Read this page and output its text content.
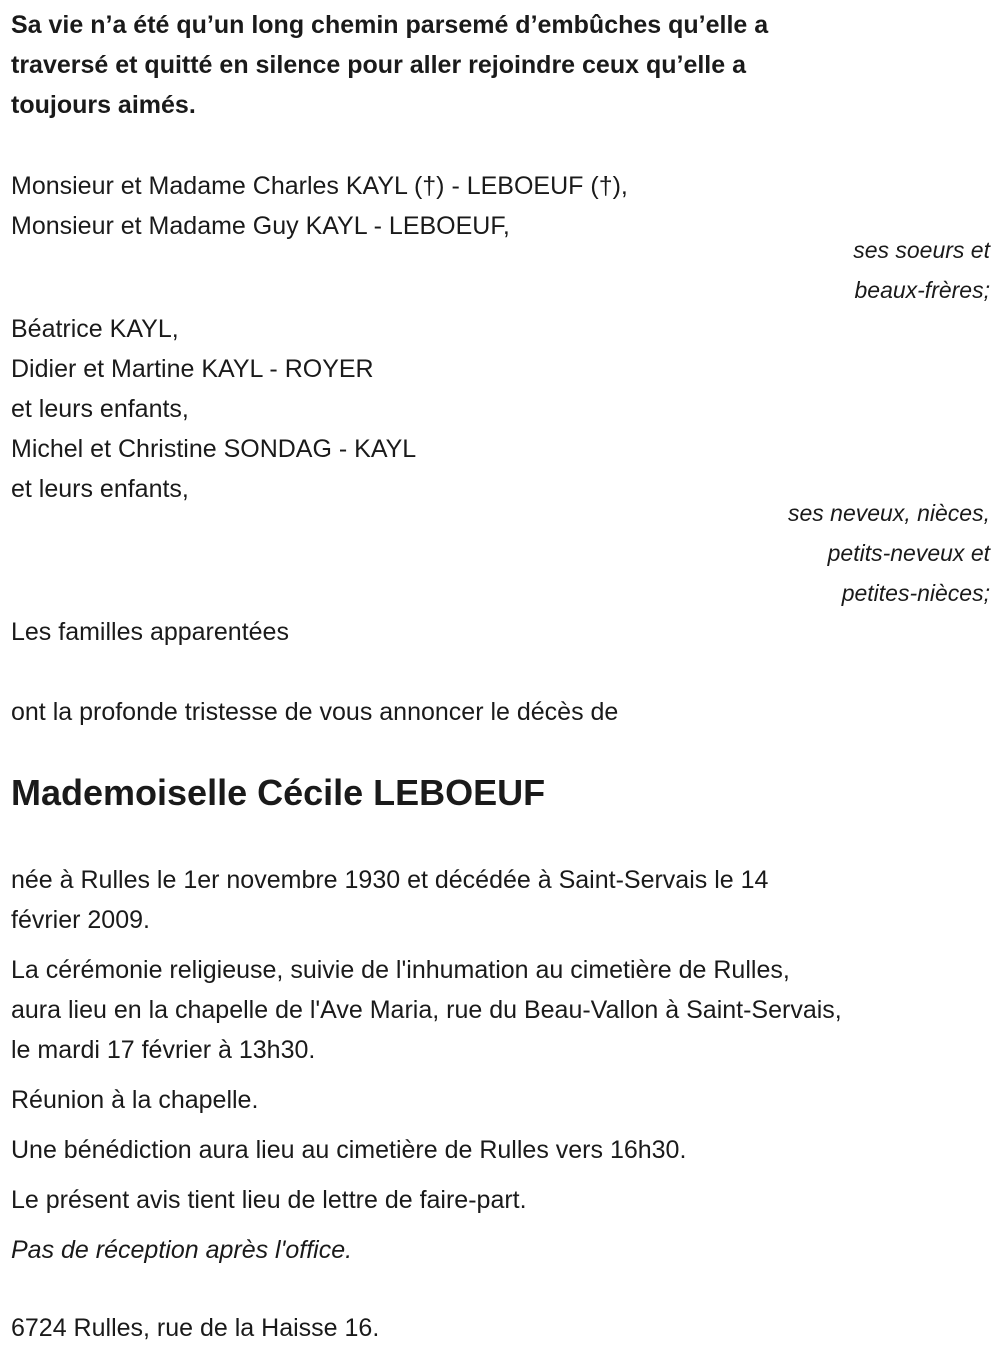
Sa vie n’a été qu’un long chemin parsemé d’embûches qu’elle a
traversé et quitté en silence pour aller rejoindre ceux qu’elle a
toujours aimés.
Monsieur et Madame Charles KAYL (†) - LEBOEUF (†),
Monsieur et Madame Guy KAYL - LEBOEUF,
ses soeurs et
beaux-frères;
Béatrice KAYL,
Didier et Martine KAYL - ROYER
et leurs enfants,
Michel et Christine SONDAG - KAYL
et leurs enfants,
ses neveux, nièces,
petits-neveux et
petites-nièces;
Les familles apparentées
ont la profonde tristesse de vous annoncer le décès de
Mademoiselle Cécile LEBOEUF
née à Rulles le 1er novembre 1930 et décédée à Saint-Servais le 14
février 2009.
La cérémonie religieuse, suivie de l'inhumation au cimetière de Rulles,
aura lieu en la chapelle de l'Ave Maria, rue du Beau-Vallon à Saint-Servais,
le mardi 17 février à 13h30.
Réunion à la chapelle.
Une bénédiction aura lieu au cimetière de Rulles vers 16h30.
Le présent avis tient lieu de lettre de faire-part.
Pas de réception après l'office.
6724 Rulles, rue de la Haisse 16.
